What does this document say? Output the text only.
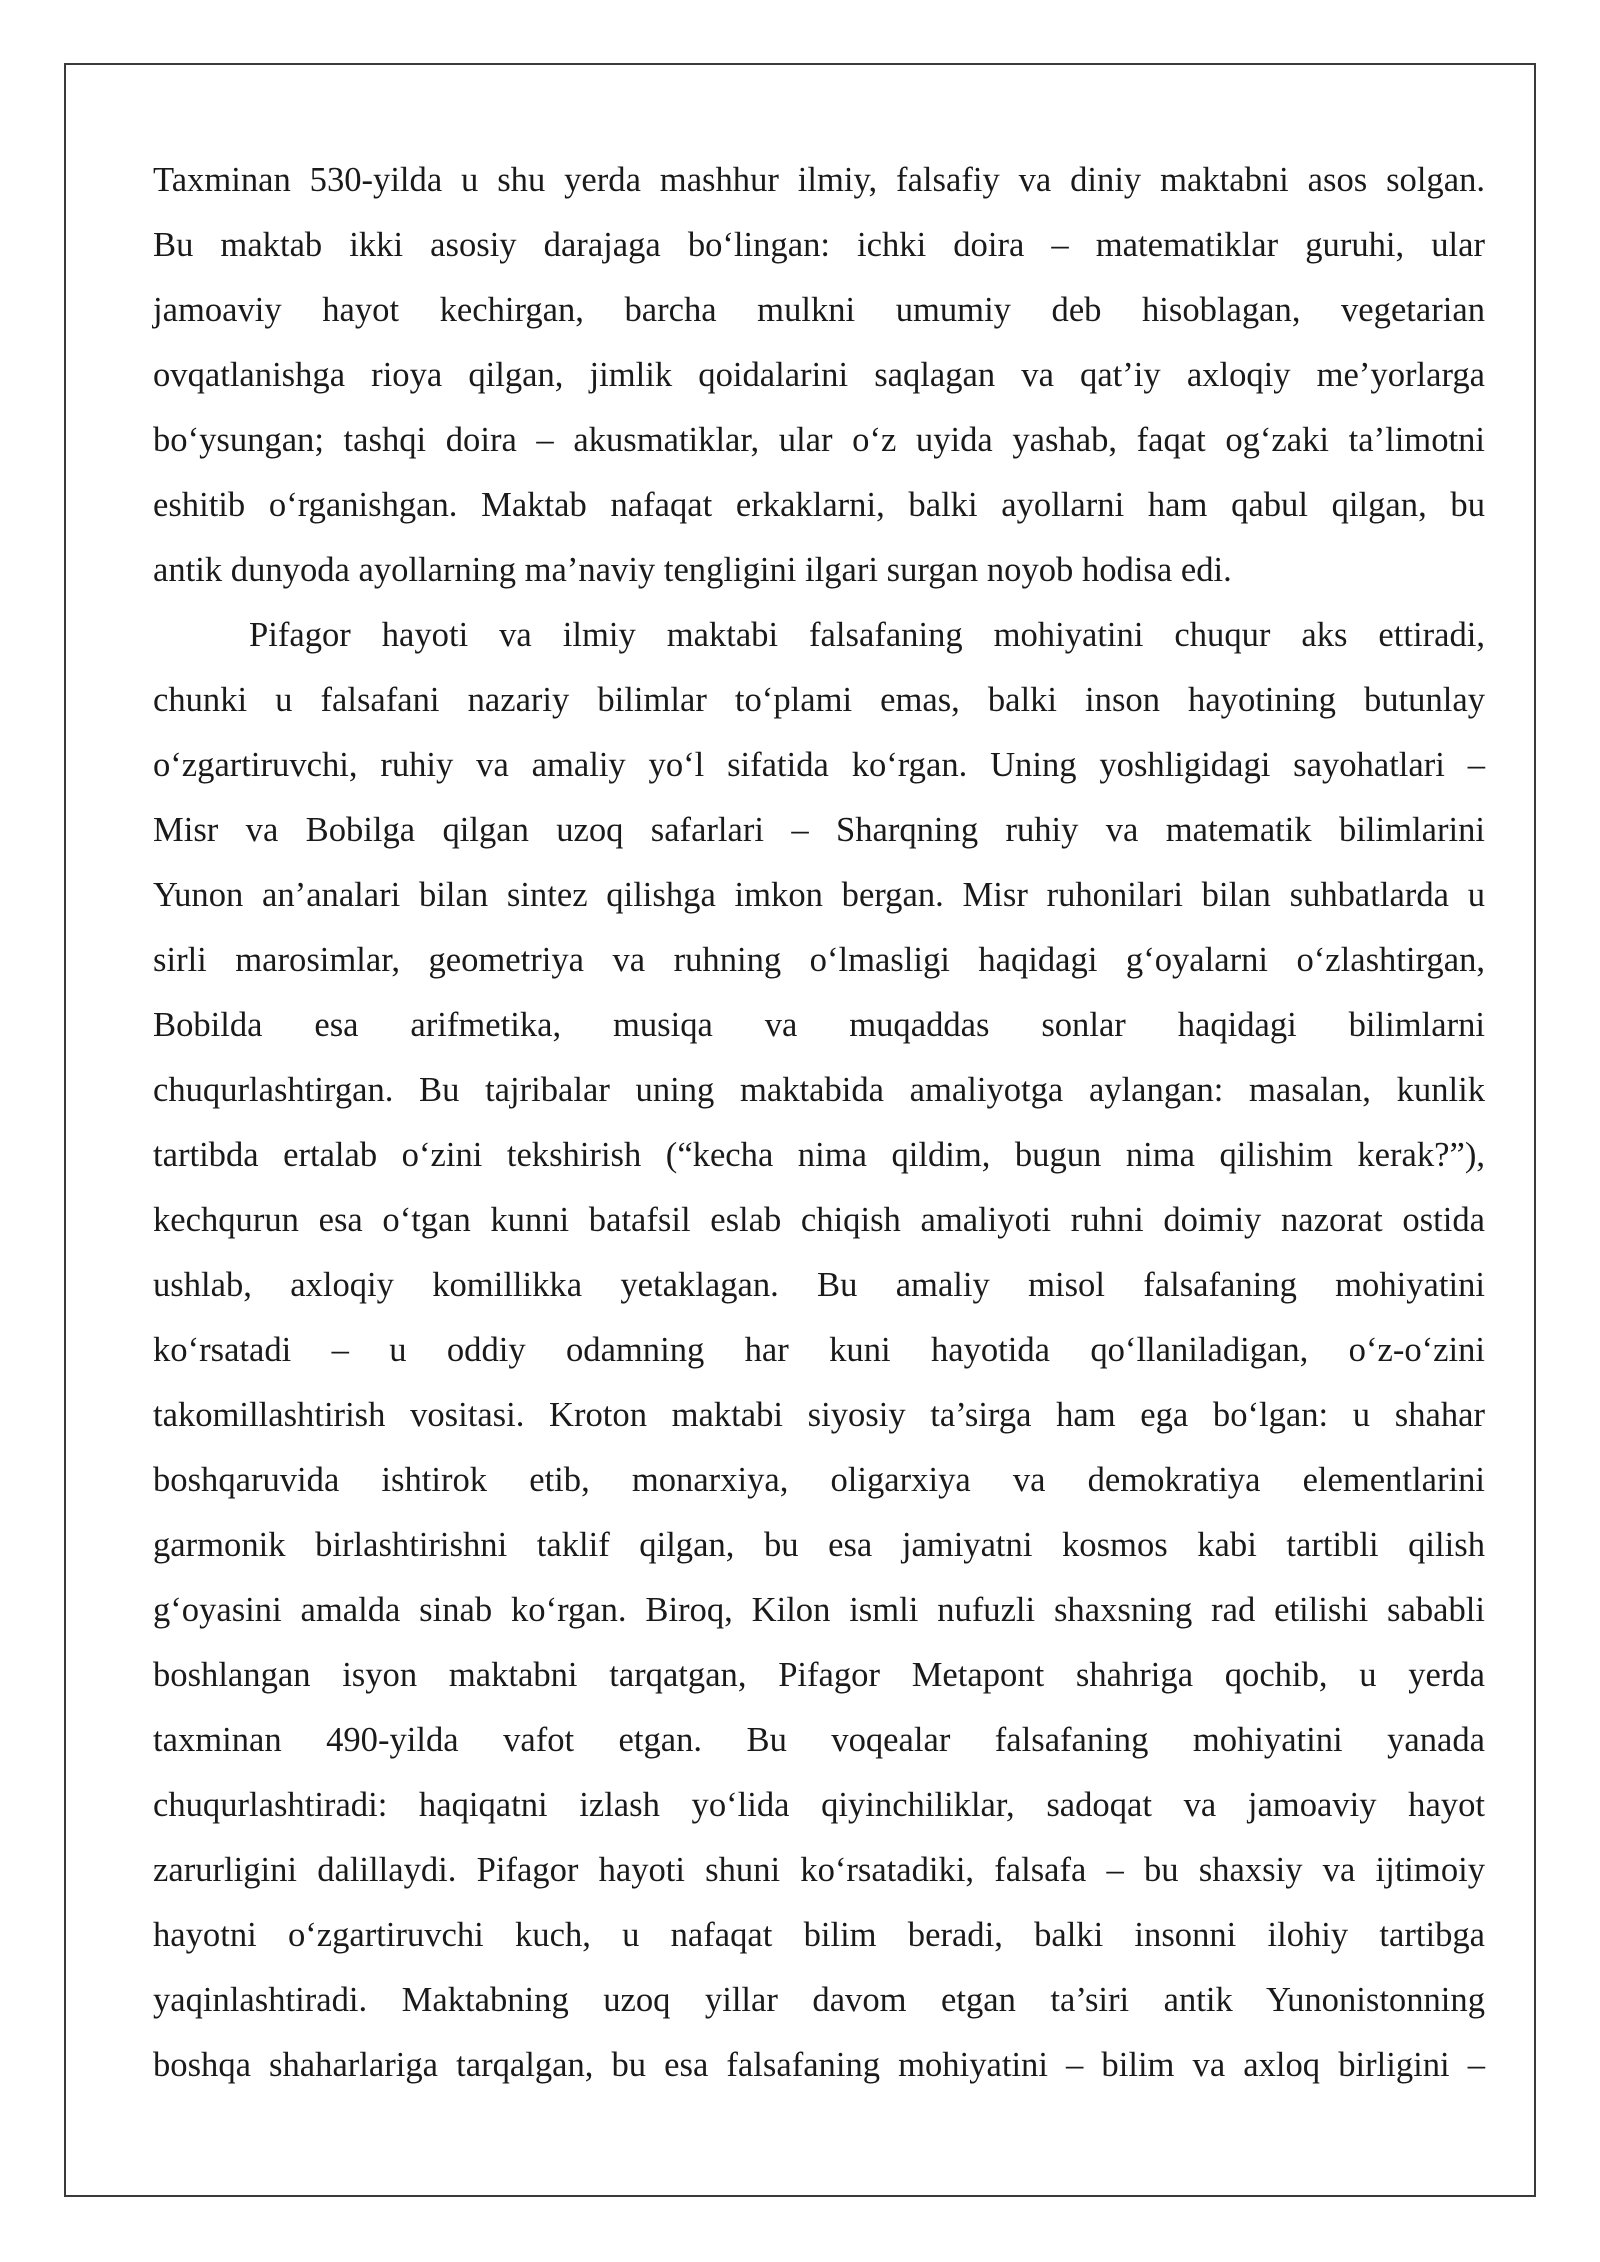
Taxminan 530-yilda u shu yerda mashhur ilmiy, falsafiy va diniy maktabni asos solgan.
Bu maktab ikki asosiy darajaga bo‘lingan: ichki doira – matematiklar guruhi, ular
jamoaviy hayot kechirgan, barcha mulkni umumiy deb hisoblagan, vegetarian
ovqatlanishga rioya qilgan, jimlik qoidalarini saqlagan va qat’iy axloqiy me’yorlarga
bo‘ysungan; tashqi doira – akusmatiklar, ular o‘z uyida yashab, faqat og‘zaki ta’limotni
eshitib o‘rganishgan. Maktab nafaqat erkaklarni, balki ayollarni ham qabul qilgan, bu
antik dunyoda ayollarning ma’naviy tengligini ilgari surgan noyob hodisa edi.
Pifagor hayoti va ilmiy maktabi falsafaning mohiyatini chuqur aks ettiradi,
chunki u falsafani nazariy bilimlar to‘plami emas, balki inson hayotining butunlay
o‘zgartiruvchi, ruhiy va amaliy yo‘l sifatida ko‘rgan. Uning yoshligidagi sayohatlari –
Misr va Bobilga qilgan uzoq safarlari – Sharqning ruhiy va matematik bilimlarini
Yunon an’analari bilan sintez qilishga imkon bergan. Misr ruhonilari bilan suhbatlarda u
sirli marosimlar, geometriya va ruhning o‘lmasligi haqidagi g‘oyalarni o‘zlashtirgan,
Bobilda esa arifmetika, musiqa va muqaddas sonlar haqidagi bilimlarni
chuqurlashtirgan. Bu tajribalar uning maktabida amaliyotga aylangan: masalan, kunlik
tartibda ertalab o‘zini tekshirish (“kecha nima qildim, bugun nima qilishim kerak?”),
kechqurun esa o‘tgan kunni batafsil eslab chiqish amaliyoti ruhni doimiy nazorat ostida
ushlab, axloqiy komillikka yetaklagan. Bu amaliy misol falsafaning mohiyatini
ko‘rsatadi – u oddiy odamning har kuni hayotida qo‘llaniladigan, o‘z-o‘zini
takomillashtirish vositasi. Kroton maktabi siyosiy ta’sirga ham ega bo‘lgan: u shahar
boshqaruvida ishtirok etib, monarxiya, oligarxiya va demokratiya elementlarini
garmonik birlashtirishni taklif qilgan, bu esa jamiyatni kosmos kabi tartibli qilish
g‘oyasini amalda sinab ko‘rgan. Biroq, Kilon ismli nufuzli shaxsning rad etilishi sababli
boshlangan isyon maktabni tarqatgan, Pifagor Metapont shahriga qochib, u yerda
taxminan 490-yilda vafot etgan. Bu voqealar falsafaning mohiyatini yanada
chuqurlashtiradi: haqiqatni izlash yo‘lida qiyinchiliklar, sadoqat va jamoaviy hayot
zarurligini dalillaydi. Pifagor hayoti shuni ko‘rsatadiki, falsafa – bu shaxsiy va ijtimoiy
hayotni o‘zgartiruvchi kuch, u nafaqat bilim beradi, balki insonni ilohiy tartibga
yaqinlashtiradi. Maktabning uzoq yillar davom etgan ta’siri antik Yunonistonning
boshqa shaharlariga tarqalgan, bu esa falsafaning mohiyatini – bilim va axloq birligini –
